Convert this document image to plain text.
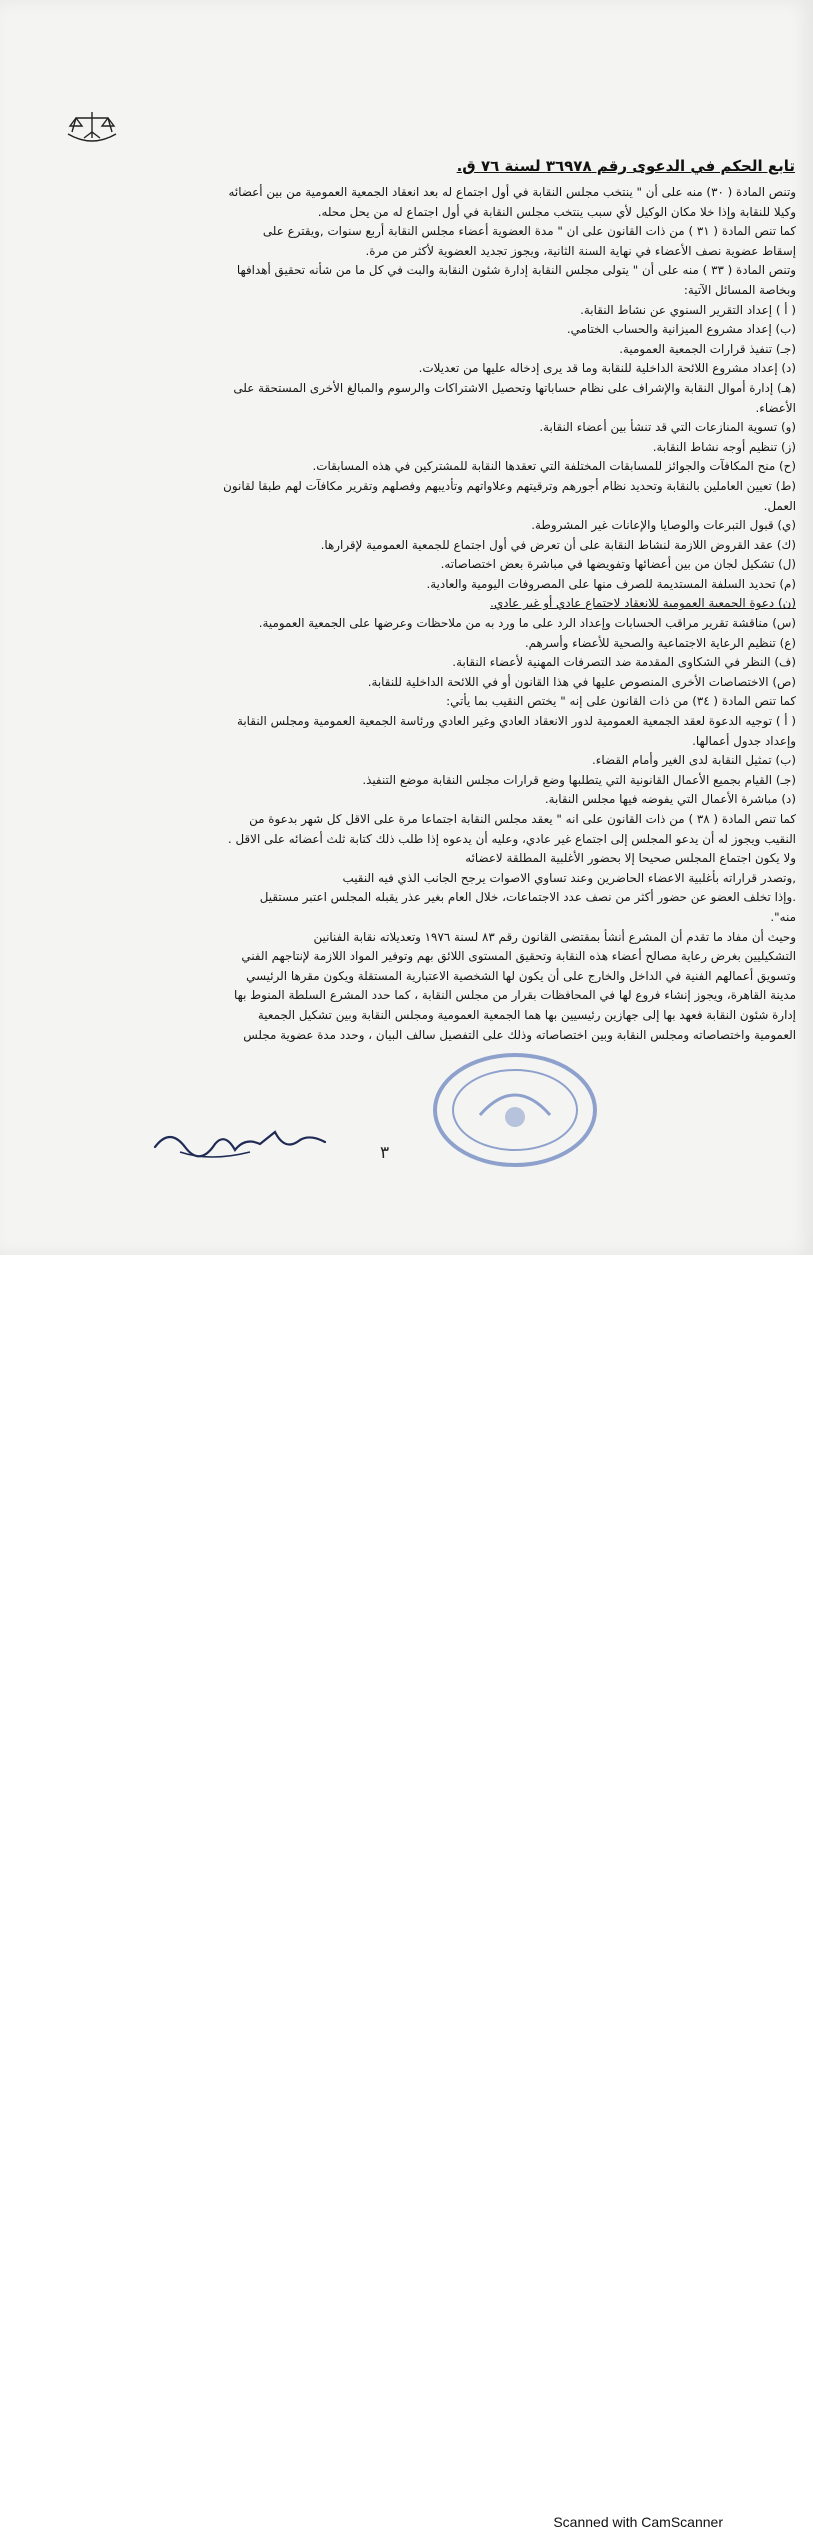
تابع الحكم في الدعوى رقم ٣٦٩٧٨ لسنة ٧٦ ق.
وتنص المادة ( ٣٠) منه على أن " ينتخب مجلس النقابة في أول اجتماع له بعد انعقاد الجمعية العمومية من بين أعضائه
وكيلا للنقابة وإذا خلا مكان الوكيل لأي سبب ينتخب مجلس النقابة في أول اجتماع له من يحل محله.
كما تنص المادة ( ٣١ ) من ذات القانون على ان " مدة العضوية أعضاء مجلس النقابة أربع سنوات ,ويقترع على
إسقاط عضوية نصف الأعضاء في نهاية السنة الثانية، ويجوز تجديد العضوية لأكثر من مرة.
وتنص المادة ( ٣٣ ) منه على أن " يتولى مجلس النقابة إدارة شئون النقابة والبت في كل ما من شأنه تحقيق أهدافها
وبخاصة المسائل الآتية:
( أ ) إعداد التقرير السنوي عن نشاط النقابة.
(ب) إعداد مشروع الميزانية والحساب الختامي.
(جـ) تنفيذ قرارات الجمعية العمومية.
(د) إعداد مشروع اللائحة الداخلية للنقابة وما قد يرى إدخاله عليها من تعديلات.
(هـ) إدارة أموال النقابة والإشراف على نظام حساباتها وتحصيل الاشتراكات والرسوم والمبالغ الأخرى المستحقة على
الأعضاء.
(و) تسوية المنازعات التي قد تنشأ بين أعضاء النقابة.
(ز) تنظيم أوجه نشاط النقابة.
(ح) منح المكافآت والجوائز للمسابقات المختلفة التي تعقدها النقابة للمشتركين في هذه المسابقات.
(ط) تعيين العاملين بالنقابة وتحديد نظام أجورهم وترقيتهم وعلاواتهم وتأديبهم وفصلهم وتقرير مكافآت لهم طبقا لقانون
العمل.
(ي) قبول التبرعات والوصايا والإعانات غير المشروطة.
(ك) عقد القروض اللازمة لنشاط النقابة على أن تعرض في أول اجتماع للجمعية العمومية لإقرارها.
(ل) تشكيل لجان من بين أعضائها وتفويضها في مباشرة بعض اختصاصاته.
(م) تحديد السلفة المستديمة للصرف منها على المصروفات اليومية والعادية.
(ن) دعوة الجمعية العمومية للانعقاد لاجتماع عادي أو غير عادي.
(س) مناقشة تقرير مراقب الحسابات وإعداد الرد على ما ورد به من ملاحظات وعرضها على الجمعية العمومية.
(ع) تنظيم الرعاية الاجتماعية والصحية للأعضاء وأسرهم.
(ف) النظر في الشكاوى المقدمة ضد التصرفات المهنية لأعضاء النقابة.
(ص) الاختصاصات الأخرى المنصوص عليها في هذا القانون أو في اللائحة الداخلية للنقابة.
كما تنص المادة ( ٣٤) من ذات القانون على إنه " يختص النقيب بما يأتي:
( أ ) توجيه الدعوة لعقد الجمعية العمومية لدور الانعقاد العادي وغير العادي ورئاسة الجمعية العمومية ومجلس النقابة
وإعداد جدول أعمالها.
(ب) تمثيل النقابة لدى الغير وأمام القضاء.
(جـ) القيام بجميع الأعمال القانونية التي يتطلبها وضع قرارات مجلس النقابة موضع التنفيذ.
(د) مباشرة الأعمال التي يفوضه فيها مجلس النقابة.
كما تنص المادة ( ٣٨ ) من ذات القانون على انه " يعقد مجلس النقابة اجتماعا مرة على الاقل كل شهر بدعوة من
النقيب ويجوز له أن يدعو المجلس إلى اجتماع غير عادي، وعليه أن يدعوه إذا طلب ذلك كتابة ثلث أعضائه على الاقل .
ولا يكون اجتماع المجلس صحيحا إلا بحضور الأغلبية المطلقة لاعضائه
,وتصدر قراراته بأغلبية الاعضاء الحاضرين وعند تساوي الاصوات يرجح الجانب الذي فيه النقيب
.وإذا تخلف العضو عن حضور أكثر من نصف عدد الاجتماعات، خلال العام بغير عذر يقبله المجلس اعتبر مستقيل
منه".
وحيث أن مفاد ما تقدم أن المشرع أنشأ بمقتضى القانون رقم ٨٣ لسنة ١٩٧٦ وتعديلاته نقابة الفنانين
التشكيليين بغرض رعاية مصالح أعضاء هذه النقابة وتحقيق المستوى اللائق بهم وتوفير المواد اللازمة لإنتاجهم الفني
وتسويق أعمالهم الفنية في الداخل والخارج على أن يكون لها الشخصية الاعتبارية المستقلة ويكون مقرها الرئيسي
مدينة القاهرة، ويجوز إنشاء فروع لها في المحافظات بقرار من مجلس النقابة ، كما حدد المشرع السلطة المنوط بها
إدارة شئون النقابة فعهد بها إلى جهازين رئيسيين بها هما الجمعية العمومية ومجلس النقابة وبين تشكيل الجمعية
العمومية واختصاصاته ومجلس النقابة وبين اختصاصاته وذلك على التفصيل سالف البيان ، وحدد مدة عضوية مجلس
٣
Scanned with CamScanner
